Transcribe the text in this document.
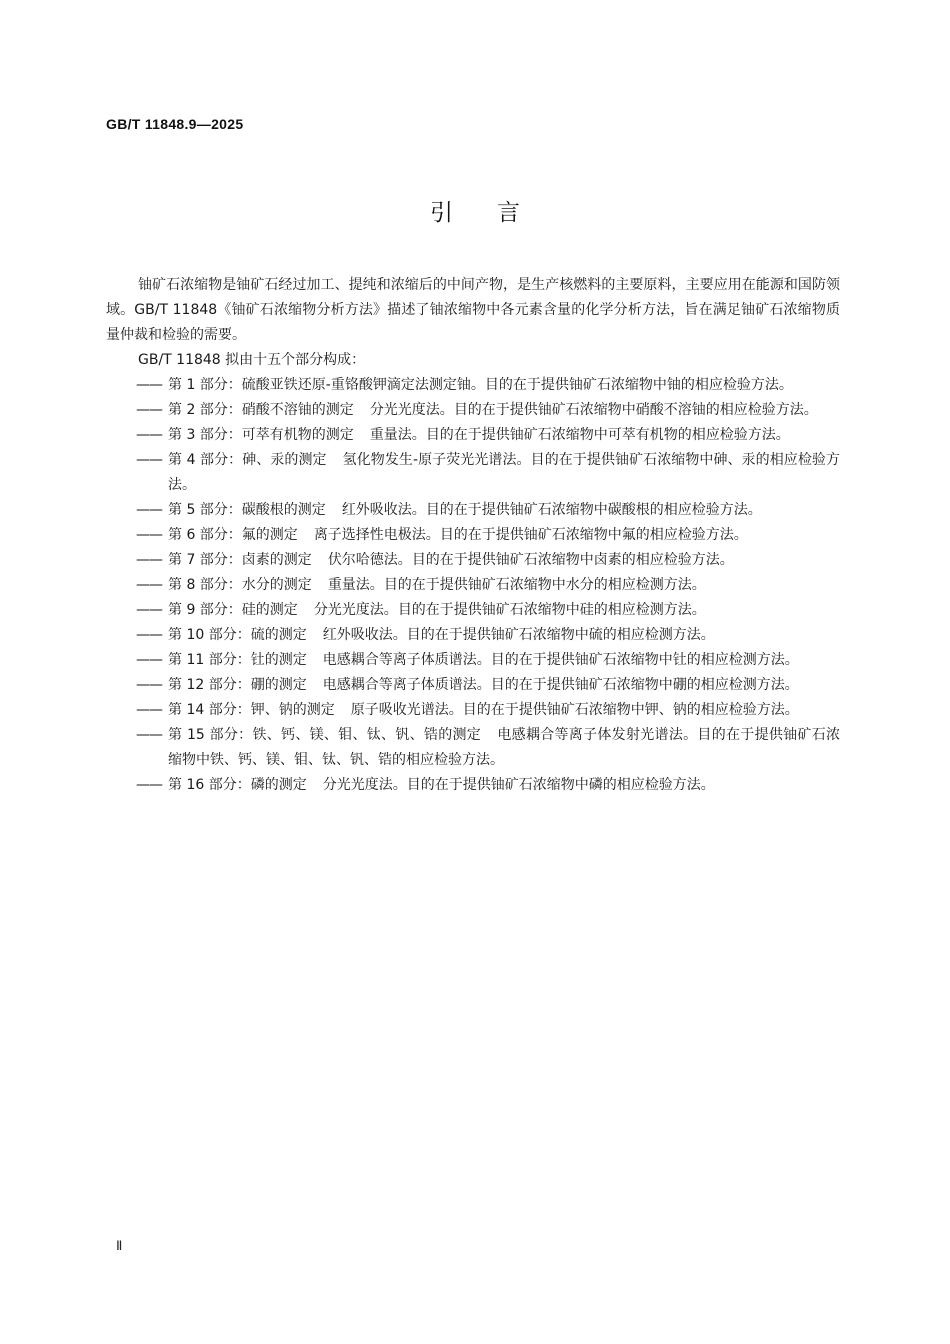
GB/T 11848.9—2025
引言

铀矿石浓缩物是铀矿石经过加工、提纯和浓缩后的中间产物，是生产核燃料的主要原料，主要应用在能源和国防领域。GB/T 11848《铀矿石浓缩物分析方法》描述了铀浓缩物中各元素含量的化学分析方法，旨在满足铀矿石浓缩物质量仲裁和检验的需要。

GB/T 11848 拟由十五个部分构成：

—— 第 1 部分：硫酸亚铁还原-重铬酸钾滴定法测定铀。目的在于提供铀矿石浓缩物中铀的相应检验方法。

—— 第 2 部分：硝酸不溶铀的测定 分光光度法。目的在于提供铀矿石浓缩物中硝酸不溶铀的相应检验方法。

—— 第 3 部分：可萃有机物的测定 重量法。目的在于提供铀矿石浓缩物中可萃有机物的相应检验方法。

—— 第 4 部分：砷、汞的测定 氢化物发生-原子荧光光谱法。目的在于提供铀矿石浓缩物中砷、汞的相应检验方法。

—— 第 5 部分：碳酸根的测定 红外吸收法。目的在于提供铀矿石浓缩物中碳酸根的相应检验方法。

—— 第 6 部分：氟的测定 离子选择性电极法。目的在于提供铀矿石浓缩物中氟的相应检验方法。

—— 第 7 部分：卤素的测定 伏尔哈德法。目的在于提供铀矿石浓缩物中卤素的相应检验方法。

—— 第 8 部分：水分的测定 重量法。目的在于提供铀矿石浓缩物中水分的相应检测方法。

—— 第 9 部分：硅的测定 分光光度法。目的在于提供铀矿石浓缩物中硅的相应检测方法。

—— 第 10 部分：硫的测定 红外吸收法。目的在于提供铀矿石浓缩物中硫的相应检测方法。

—— 第 11 部分：钍的测定 电感耦合等离子体质谱法。目的在于提供铀矿石浓缩物中钍的相应检测方法。

—— 第 12 部分：硼的测定 电感耦合等离子体质谱法。目的在于提供铀矿石浓缩物中硼的相应检测方法。

—— 第 14 部分：钾、钠的测定 原子吸收光谱法。目的在于提供铀矿石浓缩物中钾、钠的相应检验方法。

—— 第 15 部分：铁、钙、镁、钼、钛、钒、锆的测定 电感耦合等离子体发射光谱法。目的在于提供铀矿石浓缩物中铁、钙、镁、钼、钛、钒、锆的相应检验方法。

—— 第 16 部分：磷的测定 分光光度法。目的在于提供铀矿石浓缩物中磷的相应检验方法。

Ⅱ
